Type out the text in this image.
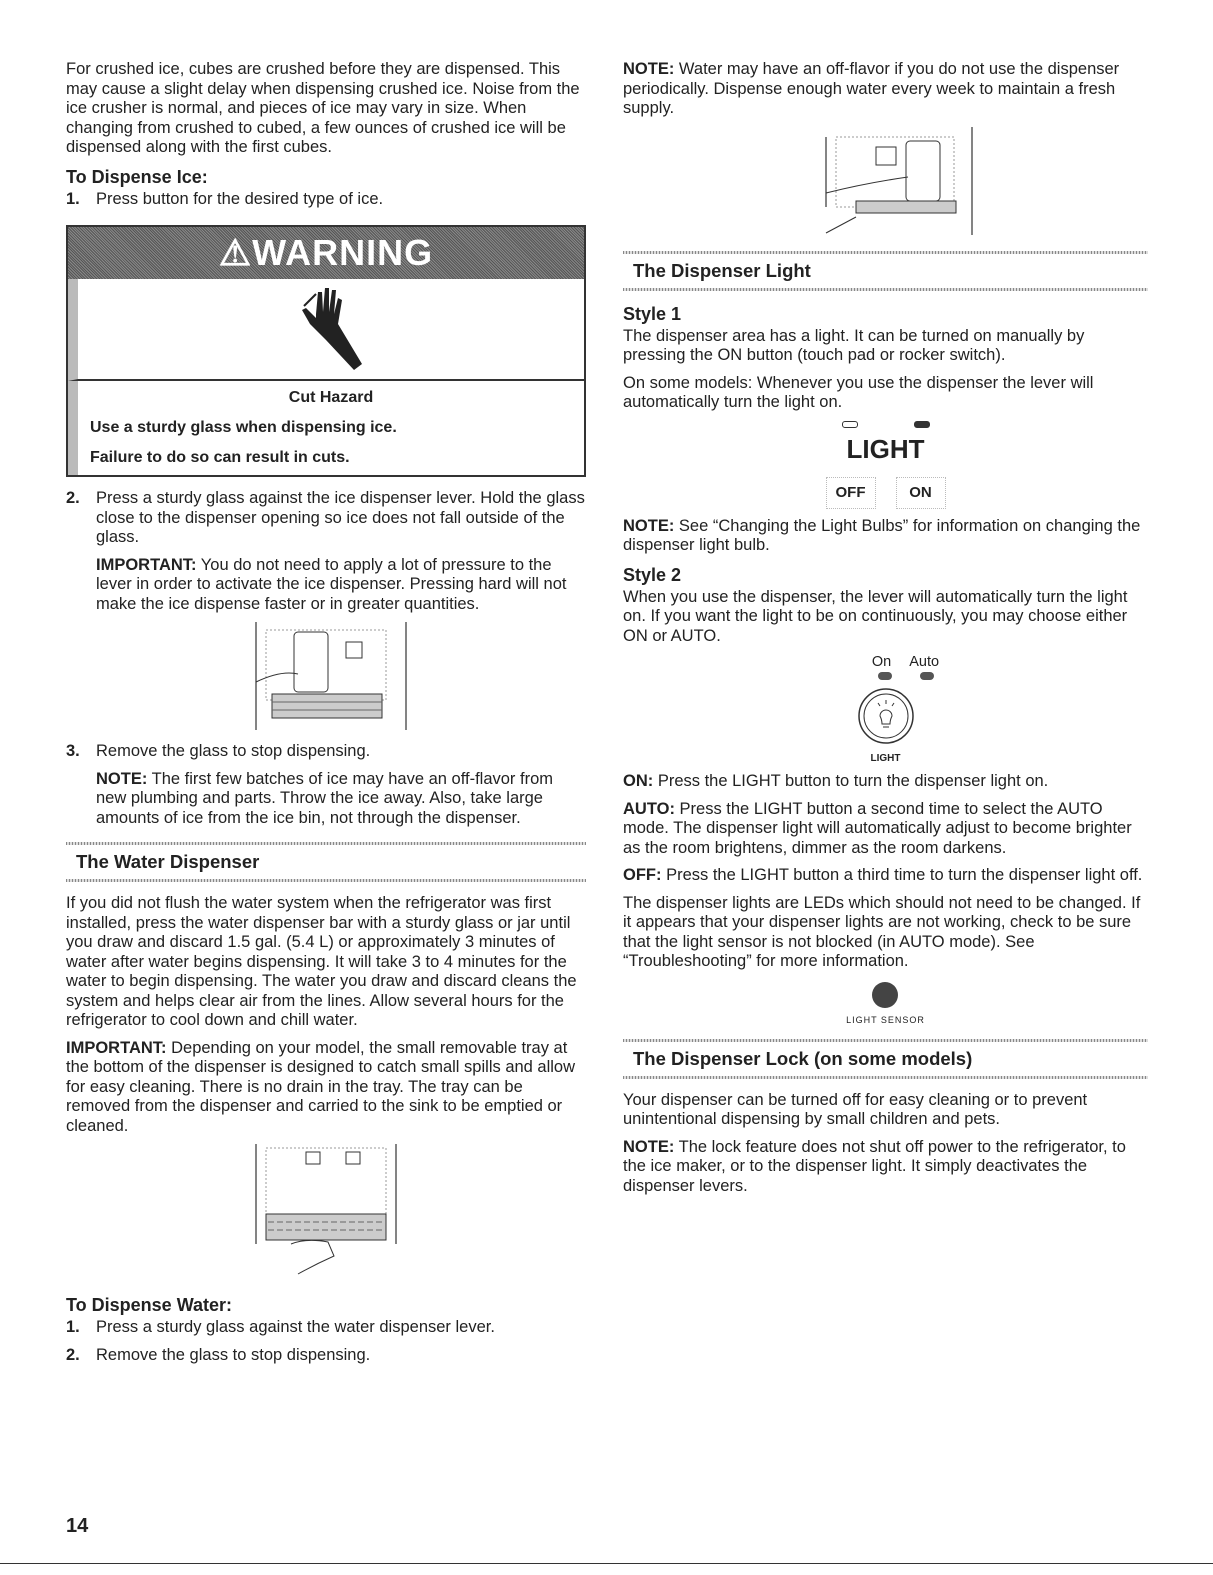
For crushed ice, cubes are crushed before they are dispensed. This may cause a slight delay when dispensing crushed ice. Noise from the ice crusher is normal, and pieces of ice may vary in size. When changing from crushed to cubed, a few ounces of crushed ice will be dispensed along with the first cubes.

To Dispense Ice:
1. Press button for the desired type of ice.
⚠WARNING
Cut Hazard
Use a sturdy glass when dispensing ice.
Failure to do so can result in cuts.
2. Press a sturdy glass against the ice dispenser lever. Hold the glass close to the dispenser opening so ice does not fall outside of the glass.

IMPORTANT: You do not need to apply a lot of pressure to the lever in order to activate the ice dispenser. Pressing hard will not make the ice dispense faster or in greater quantities.

3. Remove the glass to stop dispensing.

NOTE: The first few batches of ice may have an off-flavor from new plumbing and parts. Throw the ice away. Also, take large amounts of ice from the ice bin, not through the dispenser.

The Water Dispenser

If you did not flush the water system when the refrigerator was first installed, press the water dispenser bar with a sturdy glass or jar until you draw and discard 1.5 gal. (5.4 L) or approximately 3 minutes of water after water begins dispensing. It will take 3 to 4 minutes for the water to begin dispensing. The water you draw and discard cleans the system and helps clear air from the lines. Allow several hours for the refrigerator to cool down and chill water.

IMPORTANT: Depending on your model, the small removable tray at the bottom of the dispenser is designed to catch small spills and allow for easy cleaning. There is no drain in the tray. The tray can be removed from the dispenser and carried to the sink to be emptied or cleaned.

To Dispense Water:
1. Press a sturdy glass against the water dispenser lever.
2. Remove the glass to stop dispensing.

NOTE: Water may have an off-flavor if you do not use the dispenser periodically. Dispense enough water every week to maintain a fresh supply.

The Dispenser Light
Style 1

The dispenser area has a light. It can be turned on manually by pressing the ON button (touch pad or rocker switch).

On some models: Whenever you use the dispenser the lever will automatically turn the light on.

LIGHT
OFF	ON

NOTE: See “Changing the Light Bulbs” for information on changing the dispenser light bulb.

Style 2

When you use the dispenser, the lever will automatically turn the light on. If you want the light to be on continuously, you may choose either ON or AUTO.

On Auto
LIGHT

ON: Press the LIGHT button to turn the dispenser light on.

AUTO: Press the LIGHT button a second time to select the AUTO mode. The dispenser light will automatically adjust to become brighter as the room brightens, dimmer as the room darkens.

OFF: Press the LIGHT button a third time to turn the dispenser light off.

The dispenser lights are LEDs which should not need to be changed. If it appears that your dispenser lights are not working, check to be sure that the light sensor is not blocked (in AUTO mode). See “Troubleshooting” for more information.

LIGHT SENSOR
The Dispenser Lock (on some models)

Your dispenser can be turned off for easy cleaning or to prevent unintentional dispensing by small children and pets.

NOTE: The lock feature does not shut off power to the refrigerator, to the ice maker, or to the dispenser light. It simply deactivates the dispenser levers.

14
